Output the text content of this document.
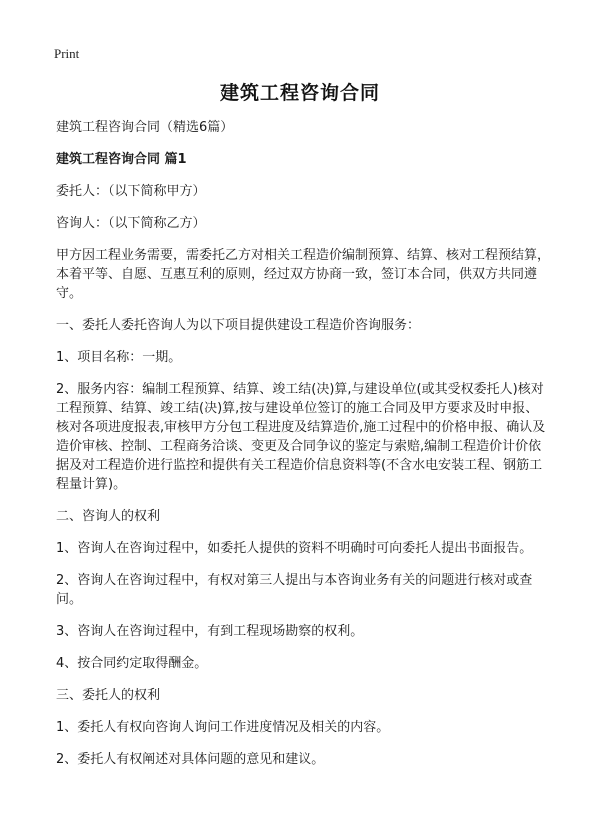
Print
建筑工程咨询合同

建筑工程咨询合同（精选6篇）

建筑工程咨询合同 篇1

委托人：（以下简称甲方）

咨询人：（以下简称乙方）

甲方因工程业务需要，需委托乙方对相关工程造价编制预算、结算、核对工程预结算，本着平等、自愿、互惠互利的原则，经过双方协商一致，签订本合同，供双方共同遵守。

一、委托人委托咨询人为以下项目提供建设工程造价咨询服务：

1、项目名称：一期。

2、服务内容：编制工程预算、结算、竣工结(决)算,与建设单位(或其受权委托人)核对工程预算、结算、竣工结(决)算,按与建设单位签订的施工合同及甲方要求及时申报、核对各项进度报表,审核甲方分包工程进度及结算造价,施工过程中的价格申报、确认及造价审核、控制、工程商务洽谈、变更及合同争议的鉴定与索赔,编制工程造价计价依据及对工程造价进行监控和提供有关工程造价信息资料等(不含水电安装工程、钢筋工程量计算)。

二、咨询人的权利

1、咨询人在咨询过程中，如委托人提供的资料不明确时可向委托人提出书面报告。

2、咨询人在咨询过程中，有权对第三人提出与本咨询业务有关的问题进行核对或查问。

3、咨询人在咨询过程中，有到工程现场勘察的权利。

4、按合同约定取得酬金。

三、委托人的权利

1、委托人有权向咨询人询问工作进度情况及相关的内容。

2、委托人有权阐述对具体问题的意见和建议。
